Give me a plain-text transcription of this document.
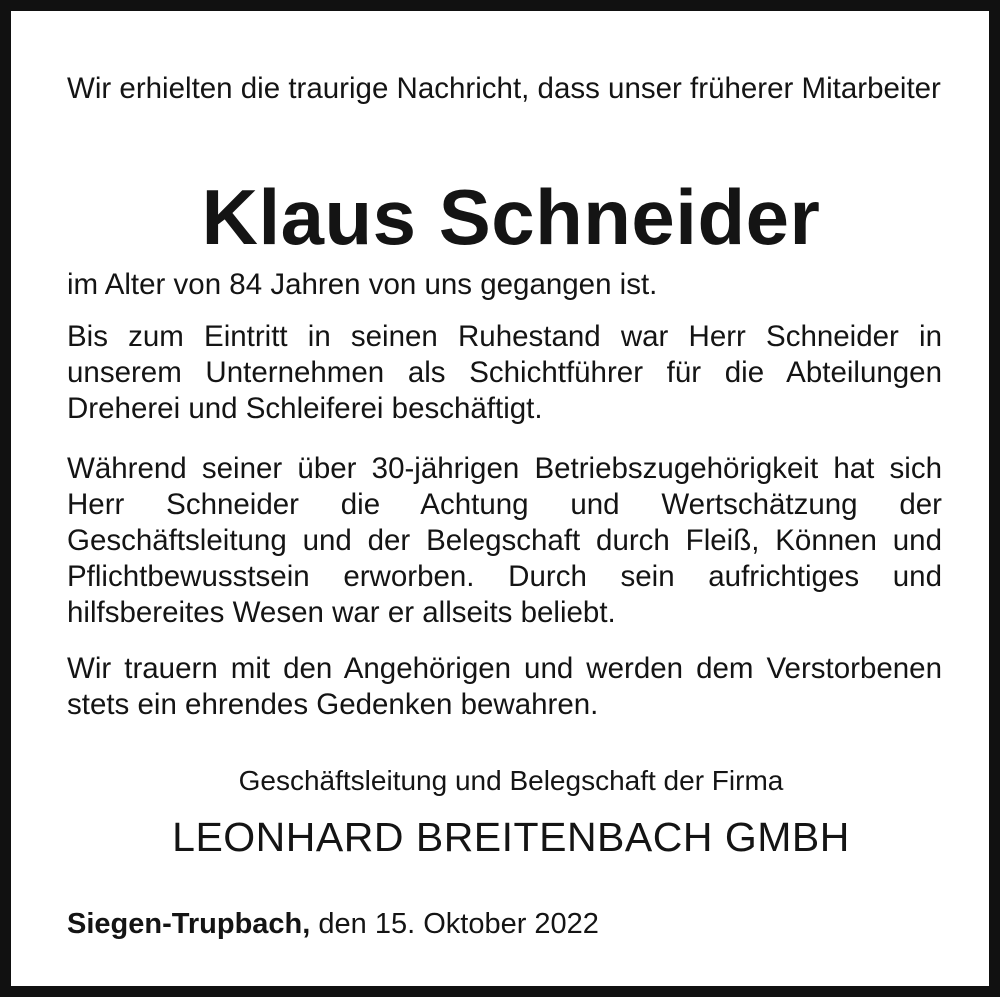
Wir erhielten die traurige Nachricht, dass unser früherer Mitarbeiter

Klaus Schneider

im Alter von 84 Jahren von uns gegangen ist.

Bis zum Eintritt in seinen Ruhestand war Herr Schneider in unserem Unternehmen als Schichtführer für die Abteilungen Dreherei und Schleiferei beschäftigt.

Während seiner über 30-jährigen Betriebszugehörigkeit hat sich Herr Schneider die Achtung und Wertschätzung der Geschäftsleitung und der Belegschaft durch Fleiß, Können und Pflichtbewusstsein erworben. Durch sein aufrichtiges und hilfsbereites Wesen war er allseits beliebt.

Wir trauern mit den Angehörigen und werden dem Verstorbenen stets ein ehrendes Gedenken bewahren.

Geschäftsleitung und Belegschaft der Firma

LEONHARD BREITENBACH GMBH

Siegen-Trupbach, den 15. Oktober 2022
